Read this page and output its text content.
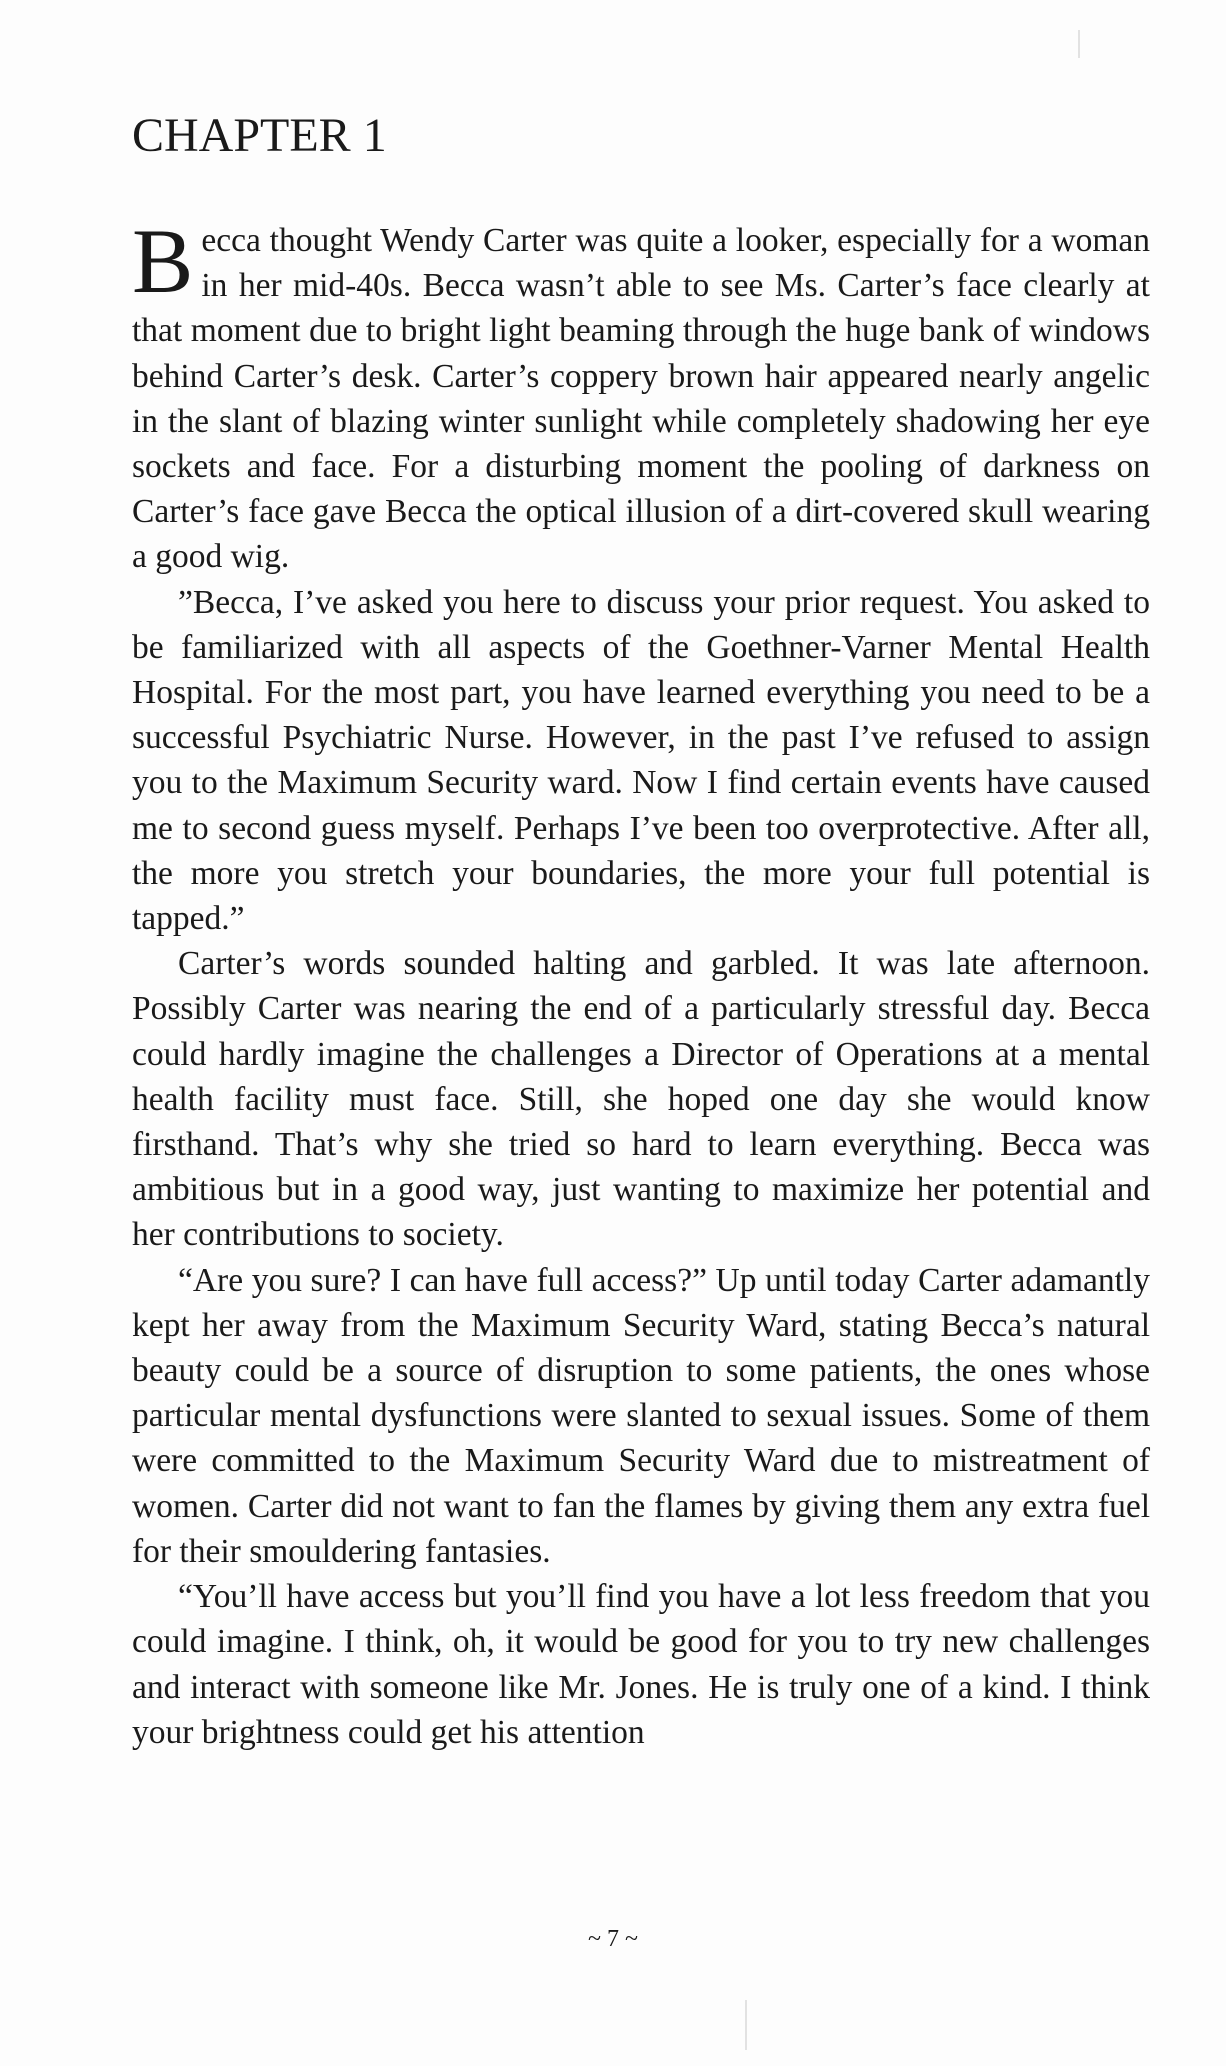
CHAPTER 1

Becca thought Wendy Carter was quite a looker, especially for a woman in her mid-40s. Becca wasn’t able to see Ms. Carter’s face clearly at that moment due to bright light beaming through the huge bank of windows behind Carter’s desk. Carter’s coppery brown hair appeared nearly angelic in the slant of blazing winter sunlight while completely shadowing her eye sockets and face. For a disturbing moment the pooling of darkness on Carter’s face gave Becca the optical illusion of a dirt-covered skull wearing a good wig.

”Becca, I’ve asked you here to discuss your prior request. You asked to be familiarized with all aspects of the Goethner-Varner Mental Health Hospital. For the most part, you have learned everything you need to be a successful Psychiatric Nurse. However, in the past I’ve refused to assign you to the Maximum Security ward. Now I find certain events have caused me to second guess myself. Perhaps I’ve been too overprotective. After all, the more you stretch your boundaries, the more your full potential is tapped.”

Carter’s words sounded halting and garbled. It was late afternoon. Possibly Carter was nearing the end of a particularly stressful day. Becca could hardly imagine the challenges a Director of Operations at a mental health facility must face. Still, she hoped one day she would know firsthand. That’s why she tried so hard to learn everything. Becca was ambitious but in a good way, just wanting to maximize her potential and her contributions to society.

“Are you sure? I can have full access?” Up until today Carter adamantly kept her away from the Maximum Security Ward, stating Becca’s natural beauty could be a source of disruption to some patients, the ones whose particular mental dysfunctions were slanted to sexual issues. Some of them were committed to the Maximum Security Ward due to mistreatment of women. Carter did not want to fan the flames by giving them any extra fuel for their smouldering fantasies.

“You’ll have access but you’ll find you have a lot less freedom that you could imagine. I think, oh, it would be good for you to try new challenges and interact with someone like Mr. Jones. He is truly one of a kind. I think your brightness could get his attention

~ 7 ~
